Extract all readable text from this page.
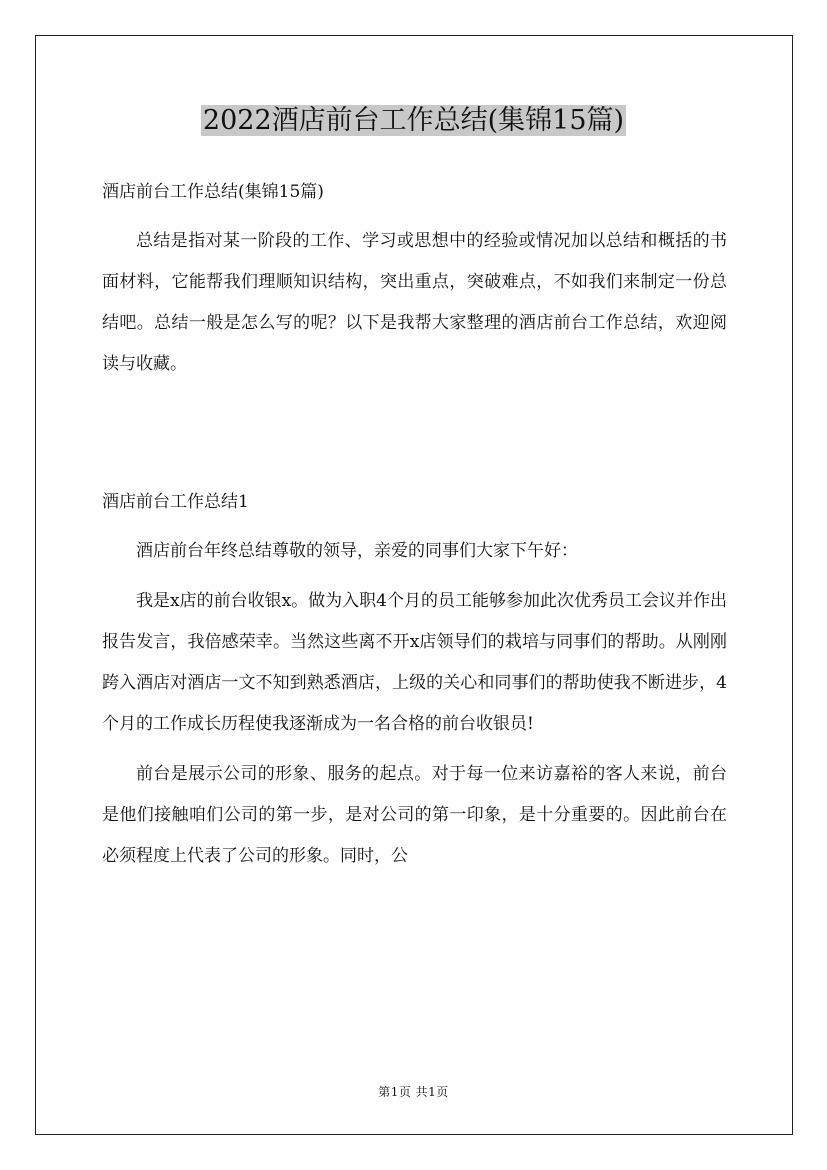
2022酒店前台工作总结(集锦15篇)

酒店前台工作总结(集锦15篇)

总结是指对某一阶段的工作、学习或思想中的经验或情况加以总结和概括的书面材料，它能帮我们理顺知识结构，突出重点，突破难点，不如我们来制定一份总结吧。总结一般是怎么写的呢？以下是我帮大家整理的酒店前台工作总结，欢迎阅读与收藏。

酒店前台工作总结1

酒店前台年终总结尊敬的领导，亲爱的同事们大家下午好：

我是x店的前台收银x。做为入职4个月的员工能够参加此次优秀员工会议并作出报告发言，我倍感荣幸。当然这些离不开x店领导们的栽培与同事们的帮助。从刚刚跨入酒店对酒店一文不知到熟悉酒店，上级的关心和同事们的帮助使我不断进步，4个月的工作成长历程使我逐渐成为一名合格的前台收银员!

前台是展示公司的形象、服务的起点。对于每一位来访嘉裕的客人来说，前台是他们接触咱们公司的第一步，是对公司的第一印象，是十分重要的。因此前台在必须程度上代表了公司的形象。同时，公

第1页 共1页
